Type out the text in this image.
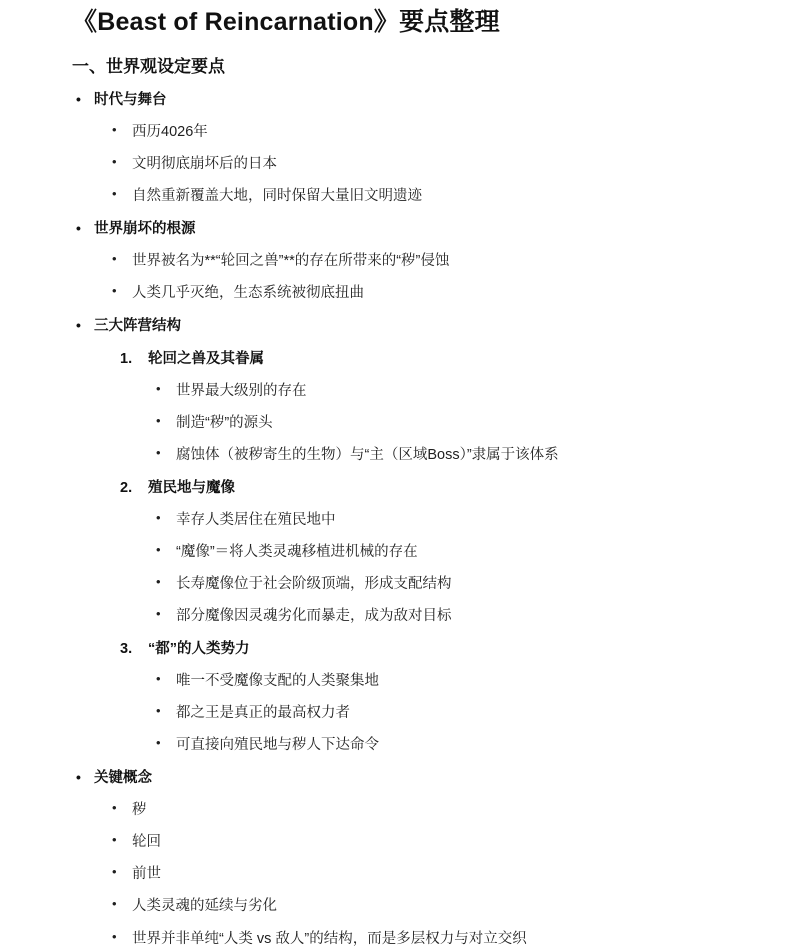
《Beast of Reincarnation》要点整理
一、世界观设定要点
• 时代与舞台
• 西历4026年
• 文明彻底崩坏后的日本
• 自然重新覆盖大地，同时保留大量旧文明遗迹
• 世界崩坏的根源
• 世界被名为**“轮回之兽”**的存在所带来的“秽”侵蚀
• 人类几乎灭绝，生态系统被彻底扭曲
• 三大阵营结构
轮回之兽及其眷属
• 世界最大级别的存在
• 制造“秽”的源头
• 腐蚀体（被秽寄生的生物）与“主（区域Boss）”隶属于该体系
殖民地与魔像
• 幸存人类居住在殖民地中
• “魔像”＝将人类灵魂移植进机械的存在
• 长寿魔像位于社会阶级顶端，形成支配结构
• 部分魔像因灵魂劣化而暴走，成为敌对目标
“都”的人类势力
• 唯一不受魔像支配的人类聚集地
• 都之王是真正的最高权力者
• 可直接向殖民地与秽人下达命令
• 关键概念
• 秽
• 轮回
• 前世
• 人类灵魂的延续与劣化
• 世界并非单纯“人类 vs 敌人”的结构，而是多层权力与对立交织
